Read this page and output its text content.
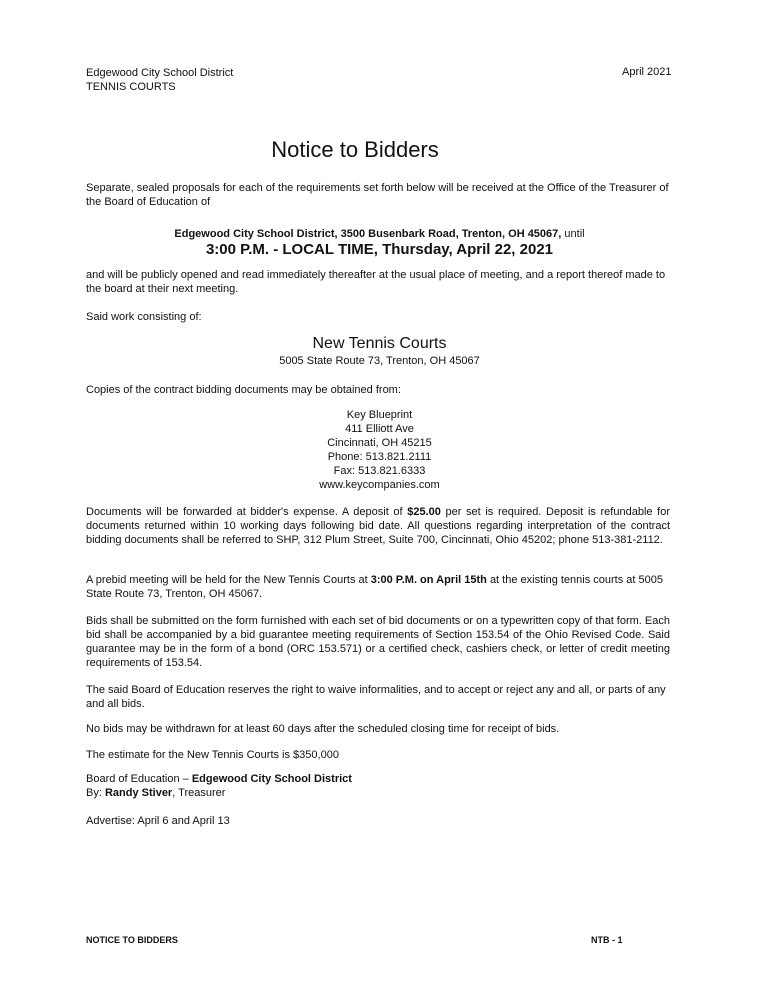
Edgewood City School District
TENNIS COURTS
April 2021
Notice to Bidders
Separate, sealed proposals for each of the requirements set forth below will be received at the Office of the Treasurer of the Board of Education of
Edgewood City School District, 3500 Busenbark Road, Trenton, OH 45067, until
3:00 P.M. - LOCAL TIME, Thursday, April 22, 2021
and will be publicly opened and read immediately thereafter at the usual place of meeting, and a report thereof made to the board at their next meeting.
Said work consisting of:
New Tennis Courts
5005 State Route 73, Trenton, OH 45067
Copies of the contract bidding documents may be obtained from:
Key Blueprint
411 Elliott Ave
Cincinnati, OH 45215
Phone: 513.821.2111
Fax: 513.821.6333
www.keycompanies.com
Documents will be forwarded at bidder's expense. A deposit of $25.00 per set is required. Deposit is refundable for documents returned within 10 working days following bid date. All questions regarding interpretation of the contract bidding documents shall be referred to SHP, 312 Plum Street, Suite 700, Cincinnati, Ohio 45202; phone 513-381-2112.
A prebid meeting will be held for the New Tennis Courts at 3:00 P.M. on April 15th at the existing tennis courts at 5005 State Route 73, Trenton, OH 45067.
Bids shall be submitted on the form furnished with each set of bid documents or on a typewritten copy of that form. Each bid shall be accompanied by a bid guarantee meeting requirements of Section 153.54 of the Ohio Revised Code. Said guarantee may be in the form of a bond (ORC 153.571) or a certified check, cashiers check, or letter of credit meeting requirements of 153.54.
The said Board of Education reserves the right to waive informalities, and to accept or reject any and all, or parts of any and all bids.
No bids may be withdrawn for at least 60 days after the scheduled closing time for receipt of bids.
The estimate for the New Tennis Courts is $350,000
Board of Education – Edgewood City School District
By: Randy Stiver, Treasurer
Advertise: April 6 and April 13
NOTICE TO BIDDERS	NTB - 1
